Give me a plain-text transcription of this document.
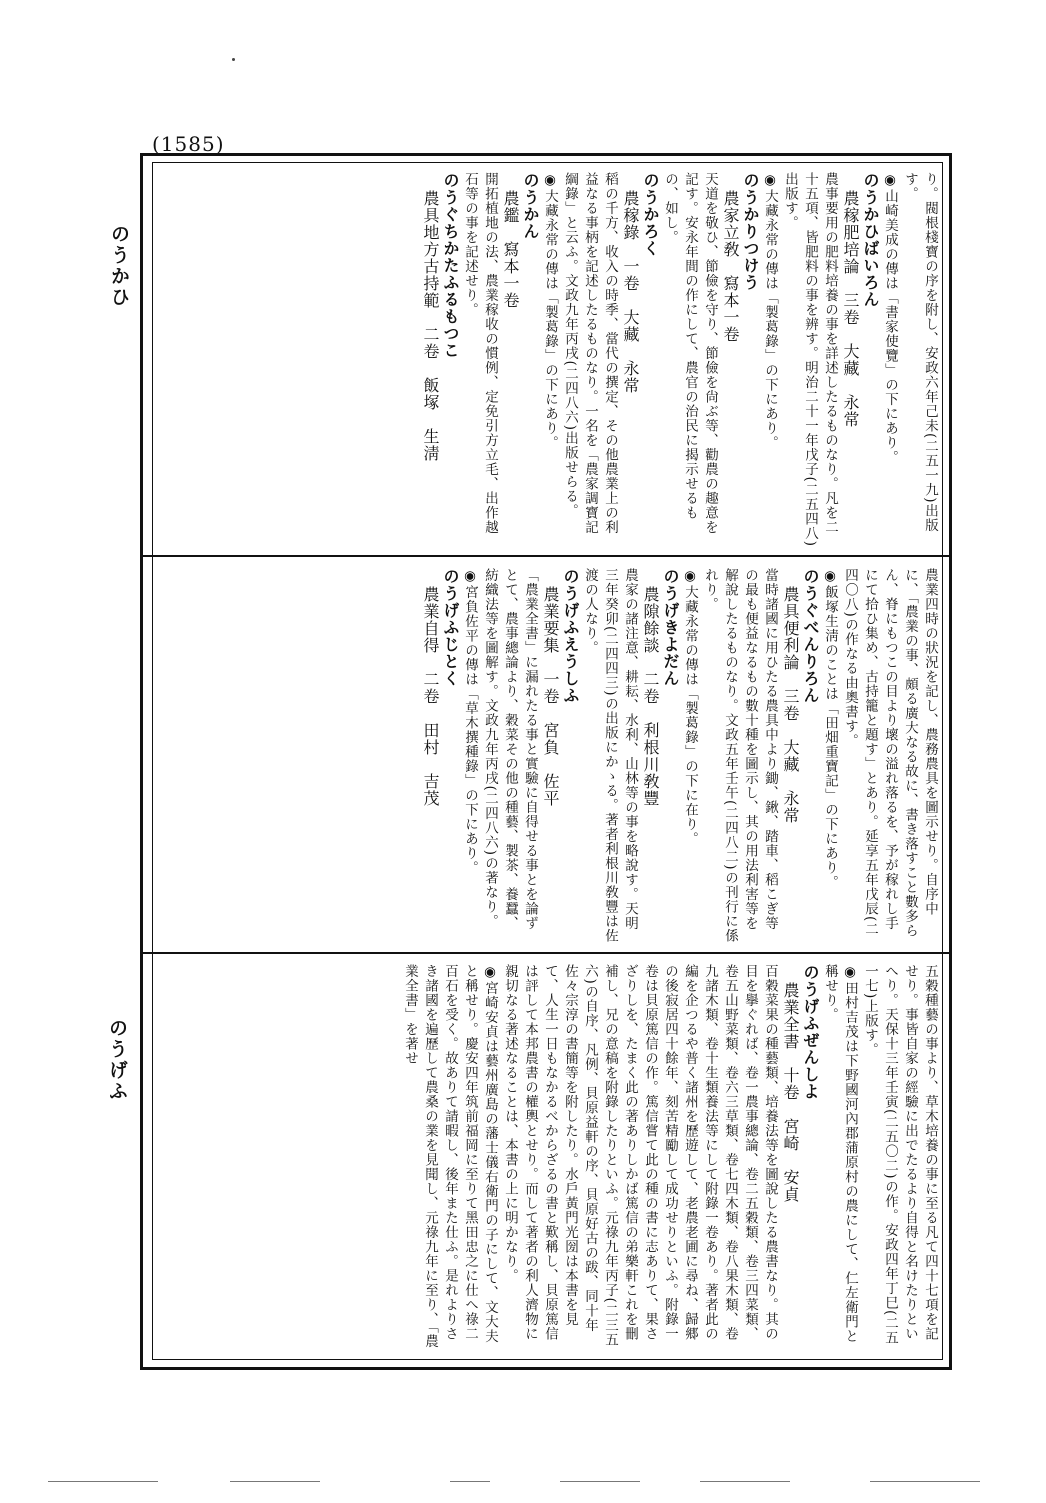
(1585)
のうかひ
のうげふ
り。閥根棧寶の序を附し、安政六年己未(二五一九)出版す。
◉山崎美成の傳は「書家使覽」の下にあり。
のうかひばいろん
農稼肥培論　三卷　大藏　永常
農事要用の肥料培養の事を詳述したるものなり。凡を二十五項、皆肥料の事を辨す。明治二十一年戊子(二五四八)出版す。
◉大藏永常の傳は「製葛錄」の下にあり。
のうかりつけう
農家立敎　寫本一卷
天道を敬ひ、節儉を守り、節儉を尙ぶ等、勸農の趣意を記す。安永年間の作にして、農官の治民に揭示せるもの、如し。
のうかろく
農稼錄　一卷　大藏　永常
稻の千方、收入の時季、當代の撰定、その他農業上の利益なる事柄を記述したるものなり。一名を「農家調寶記綱錄」と云ふ。文政九年丙戌(二四八六)出版せらる。
◉大藏永常の傳は「製葛錄」の下にあり。
のうかん
農鑑　寫本一卷
開拓植地の法、農業稼收の慣例、定免引方立毛、出作越石等の事を記述せり。
のうぐちかたふるもつこ
農具地方古持範　二卷　飯塚　生淸
農業四時の狀況を記し、農務農具を圖示せり。自序中に、「農業の事、頗る廣大なる故に、書き落すこと數多らん、脊にもつこの目より壞の溢れ落るを、予が稼れし手にて拾ひ集め、古持籠と題す」とあり。延享五年戊辰(二四〇八)の作なる由奧書す。
◉飯塚生淸のことは「田畑重寶記」の下にあり。
のうぐべんりろん
農具便利論　三卷　大藏　永常
當時諸國に用ひたる農具中より鋤、鍬、踏車、稻こぎ等の最も便益なるもの數十種を圖示し、其の用法利害等を解說したるものなり。文政五年壬午(二四八二)の刊行に係れり。
◉大藏永常の傳は「製葛錄」の下に在り。
のうげきよだん
農隙餘談　二卷　利根川敎豐
農家の諸注意、耕耘、水利、山林等の事を略說す。天明三年癸卯(二四四三)の出版にかゝる。著者利根川敎豐は佐渡の人なり。
のうげふえうしふ
農業要集　一卷　宮負　佐平
「農業全書」に漏れたる事と實驗に自得せる事とを論ずとて、農事總論より、穀菜その他の種藝、製茶、養蠶、紡織法等を圖解す。文政九年丙戌(二四八六)の著なり。
◉宮負佐平の傳は「草木撰種錄」の下にあり。
のうげふじとく
農業自得　二卷　田村　吉茂
五穀種藝の事より、草木培養の事に至る凡て四十七項を記せり。事皆自家の經驗に出でたるより自得と名けたりといへり。天保十三年壬寅(二五〇二)の作。安政四年丁巳(二五一七)上版す。
◉田村吉茂は下野國河內郡蒲原村の農にして、仁左衛門と稱せり。
のうげふぜんしよ
農業全書　十卷　宮崎　安貞
百穀菜果の種藝類、培養法等を圖說したる農書なり。其の目を擧ぐれば、卷一農事總論、卷二五穀類、卷三四菜類、卷五山野菜類、卷六三草類、卷七四木類、卷八果木類、卷九諸木類、卷十生類養法等にして附錄一卷あり。著者此の編を企つるや普く諸州を歷遊して、老農老圃に尋ね、歸郷の後寂居四十餘年、刻苦精勵して成功せりといふ。附錄一卷は貝原篤信の作。篤信嘗て此の種の書に志ありて、果さざりしを、たまく此の著ありしかば篤信の弟樂軒これを刪補し、兄の意稿を附錄したりといふ。元祿九年丙子(二三五六)の自序、凡例、貝原益軒の序、貝原好古の跋、同十年佐々宗淳の書簡等を附したり。水戶黃門光圀は本書を見て、人生一日もなかるべからざるの書と歎稱し、貝原篤信は評して本邦農書の權輿とせり。而して著者の利人濟物に親切なる著述なることは、本書の上に明かなり。
◉宮崎安貞は藝州廣島の藩士儀右衛門の子にして、文大夫と稱せり。慶安四年筑前福岡に至りて黑田忠之に仕へ祿二百石を受く。故ありて請暇し、後年また仕ふ。是れよりさき諸國を遍歷して農桑の業を見聞し、元祿九年に至り、「農業全書」を著せ
